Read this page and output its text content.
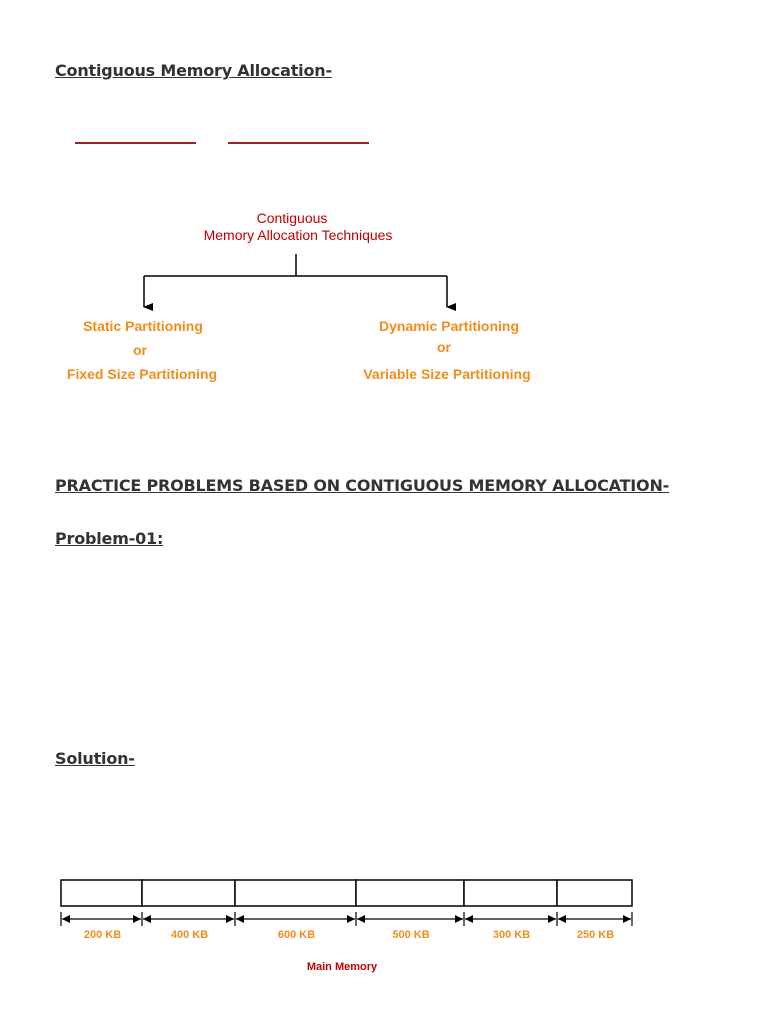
Contiguous Memory Allocation-
Contiguous
Memory Allocation Techniques
Static Partitioning
or
Fixed Size Partitioning
Dynamic Partitioning
or
Variable Size Partitioning
PRACTICE PROBLEMS BASED ON CONTIGUOUS MEMORY ALLOCATION-
Problem-01:
Solution-
200 KB	400 KB	600 KB	500 KB	300 KB	250 KB
Main Memory
